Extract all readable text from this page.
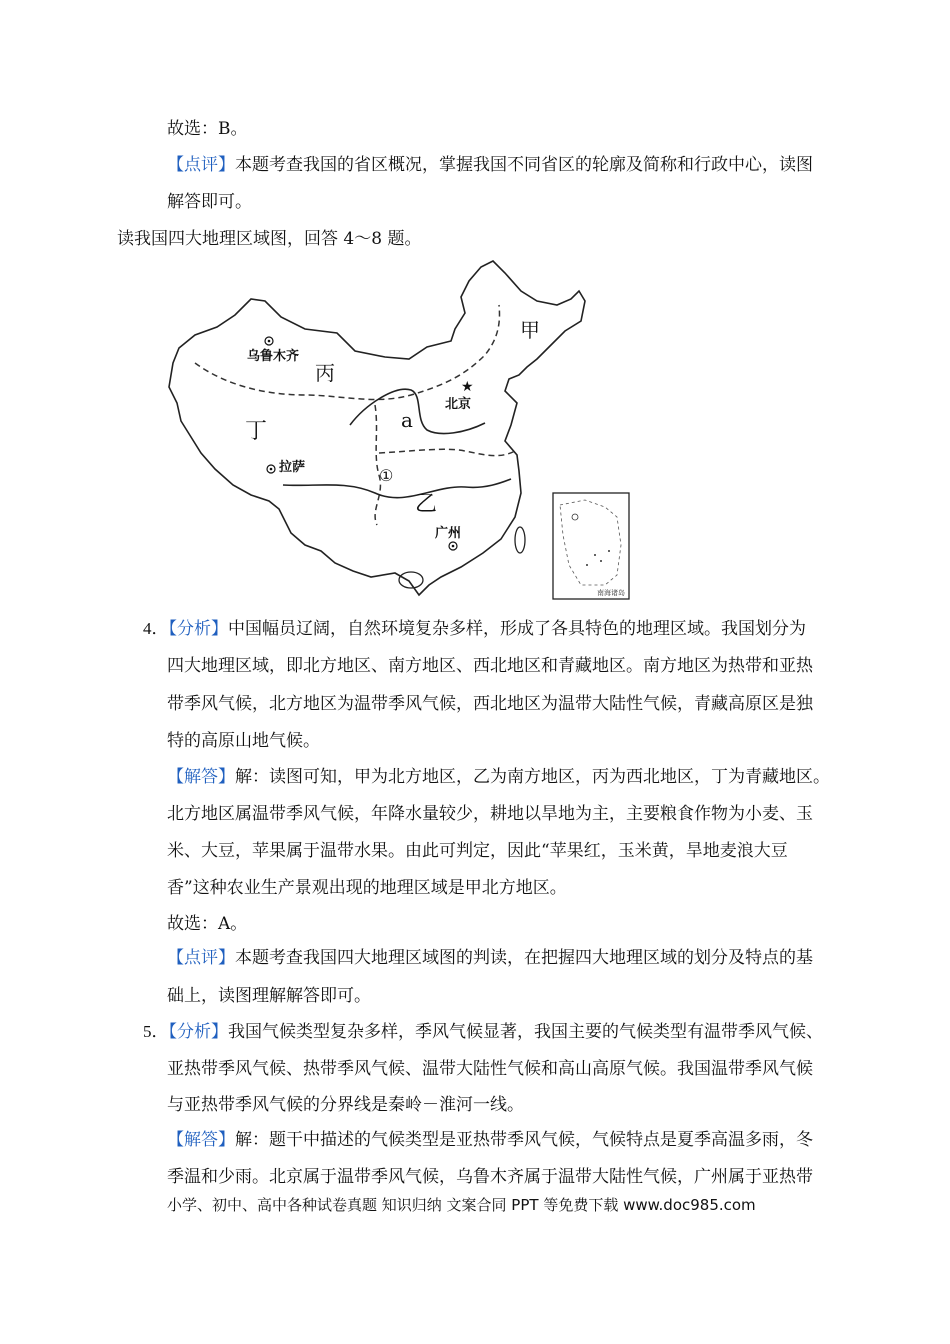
故选：B。
【点评】本题考查我国的省区概况，掌握我国不同省区的轮廓及简称和行政中心，读图
解答即可。
读我国四大地理区域图，回答 4～8 题。
甲
丙
丁	a
①
乙
乌鲁木齐
★
北京
拉萨
广州
南海诸岛
4．【分析】中国幅员辽阔，自然环境复杂多样，形成了各具特色的地理区域。我国划分为
四大地理区域，即北方地区、南方地区、西北地区和青藏地区。南方地区为热带和亚热
带季风气候，北方地区为温带季风气候，西北地区为温带大陆性气候，青藏高原区是独
特的高原山地气候。
【解答】解：读图可知，甲为北方地区，乙为南方地区，丙为西北地区，丁为青藏地区。
北方地区属温带季风气候，年降水量较少，耕地以旱地为主，主要粮食作物为小麦、玉
米、大豆，苹果属于温带水果。由此可判定，因此“苹果红，玉米黄，旱地麦浪大豆
香”这种农业生产景观出现的地理区域是甲北方地区。
故选：A。
【点评】本题考查我国四大地理区域图的判读，在把握四大地理区域的划分及特点的基
础上，读图理解解答即可。
5．【分析】我国气候类型复杂多样，季风气候显著，我国主要的气候类型有温带季风气候、
亚热带季风气候、热带季风气候、温带大陆性气候和高山高原气候。我国温带季风气候
与亚热带季风气候的分界线是秦岭－淮河一线。
【解答】解：题干中描述的气候类型是亚热带季风气候，气候特点是夏季高温多雨，冬
季温和少雨。北京属于温带季风气候，乌鲁木齐属于温带大陆性气候，广州属于亚热带
小学、初中、高中各种试卷真题 知识归纳 文案合同 PPT 等免费下载 www.doc985.com
